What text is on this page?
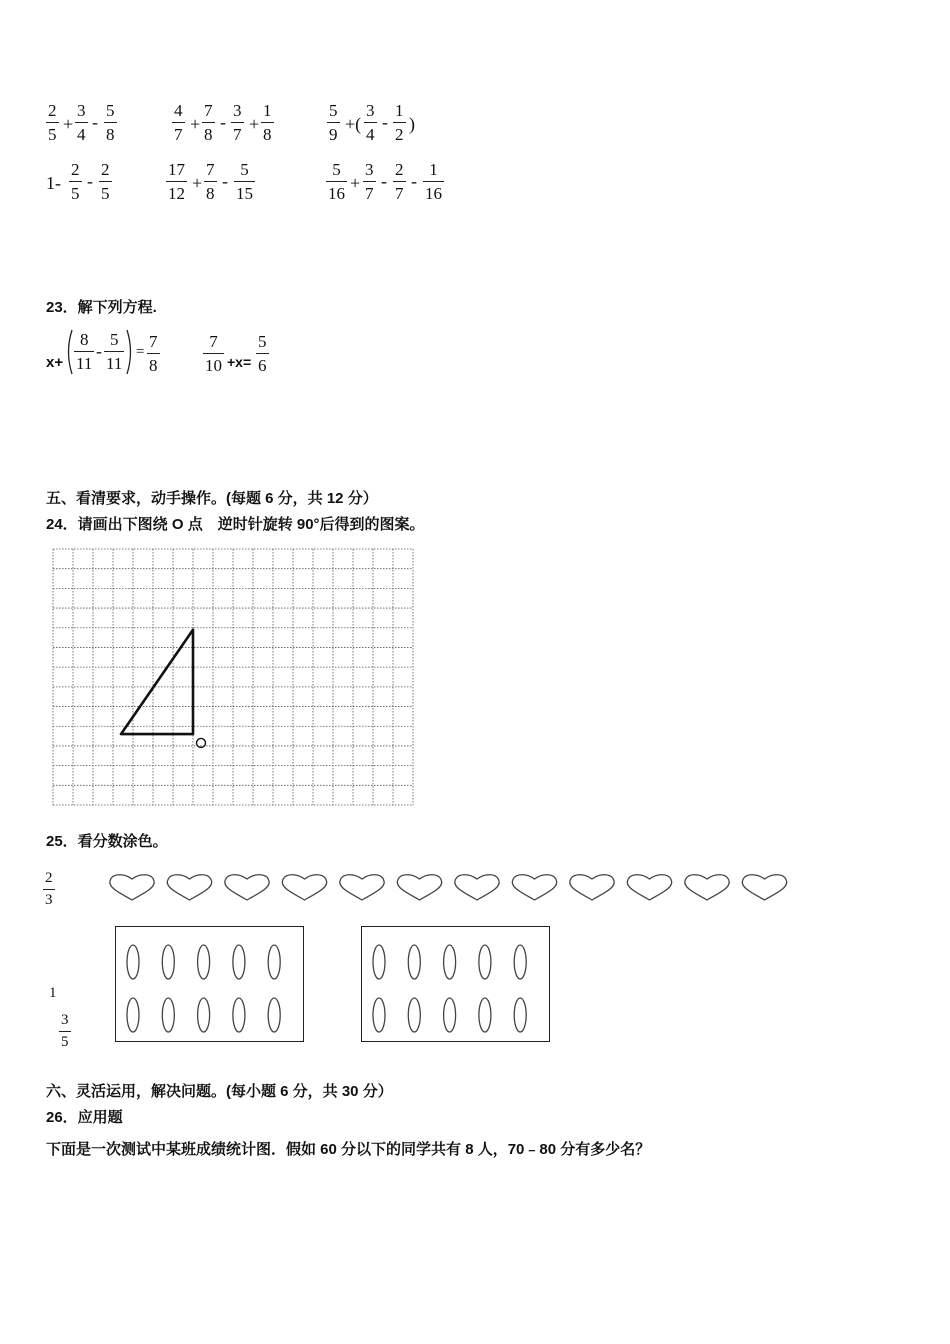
$\frac{2}{5} + \frac{3}{4} - \frac{5}{8}$	$\frac{4}{7} + \frac{7}{8} - \frac{3}{7} + \frac{1}{8}$	$\frac{5}{9}$ +( $\frac{3}{4} - \frac{1}{2}$ )
$1- \frac{2}{5} - \frac{2}{5}$	$\frac{17}{12} + \frac{7}{8} - \frac{5}{15}$	$\frac{5}{16} + \frac{3}{7} - \frac{2}{7} - \frac{1}{16}$
23．解下列方程.
$x+ \frac{8}{11} - \frac{5}{11} = \frac{7}{8}$	$\frac{7}{10} +x= \frac{5}{6}$
五、看清要求，动手操作。(每题 6 分，共 12 分）
24．请画出下图绕 O 点　逆时针旋转 90°后得到的图案。
25．看分数涂色。
$\frac{2}{3}$
1
$\frac{3}{5}$
六、灵活运用，解决问题。(每小题 6 分，共 30 分）
26．应用题
下面是一次测试中某班成绩统计图．假如 60 分以下的同学共有 8 人，70﹣80 分有多少名？
